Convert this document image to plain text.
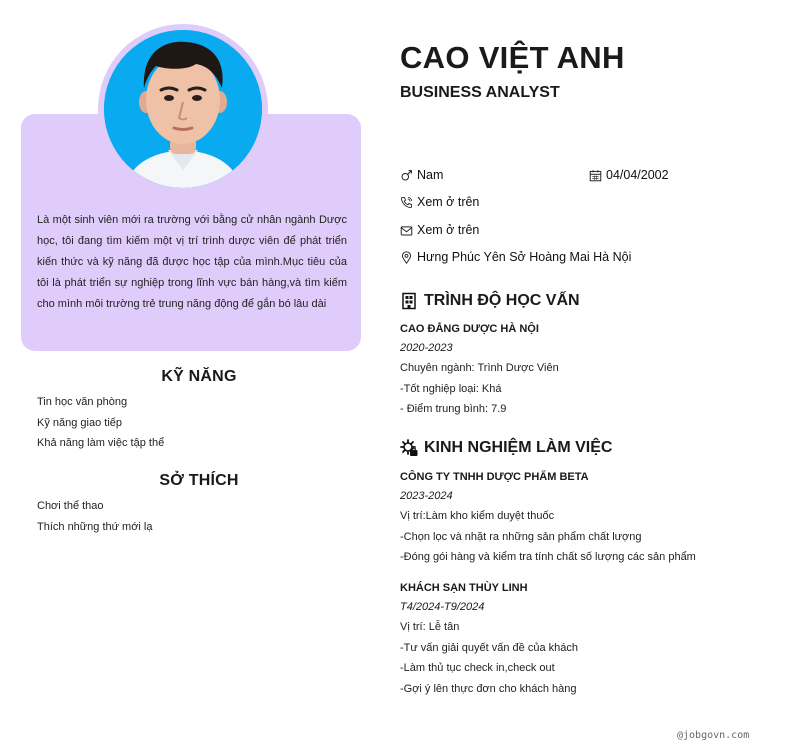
Là một sinh viên mới ra trường với bằng cử nhân ngành Dược học, tôi đang tìm kiếm một vị trí trình dược viên để phát triển kiến thức và kỹ năng đã được học tập của mình.Mục tiêu của tôi là phát triển sự nghiệp trong lĩnh vực bán hàng,và tìm kiếm cho mình môi trường trẻ trung năng động để gắn bó lâu dài

KỸ NĂNG
Tin học văn phòng
Kỹ năng giao tiếp
Khả năng làm việc tập thể
SỞ THÍCH
Chơi thể thao
Thích những thứ mới lạ
CAO VIỆT ANH
BUSINESS ANALYST
Nam	04/04/2002
Xem ở trên
Xem ở trên
Hưng Phúc Yên Sở Hoàng Mai Hà Nội
TRÌNH ĐỘ HỌC VẤN
CAO ĐẲNG DƯỢC HÀ NỘI
2020-2023
Chuyên ngành: Trình Dược Viên
-Tốt nghiệp loại: Khá
- Điểm trung bình: 7.9
KINH NGHIỆM LÀM VIỆC
CÔNG TY TNHH DƯỢC PHẨM BETA
2023-2024
Vị trí:Làm kho kiểm duyệt thuốc
-Chọn lọc và nhặt ra những sản phẩm chất lượng
-Đóng gói hàng và kiểm tra tính chất số lượng các sản phẩm
KHÁCH SẠN THÙY LINH
T4/2024-T9/2024
Vị trí: Lễ tân
-Tư vấn giải quyết vấn đề của khách
-Làm thủ tục check in,check out
-Gợi ý lên thực đơn cho khách hàng
@jobgovn.com
